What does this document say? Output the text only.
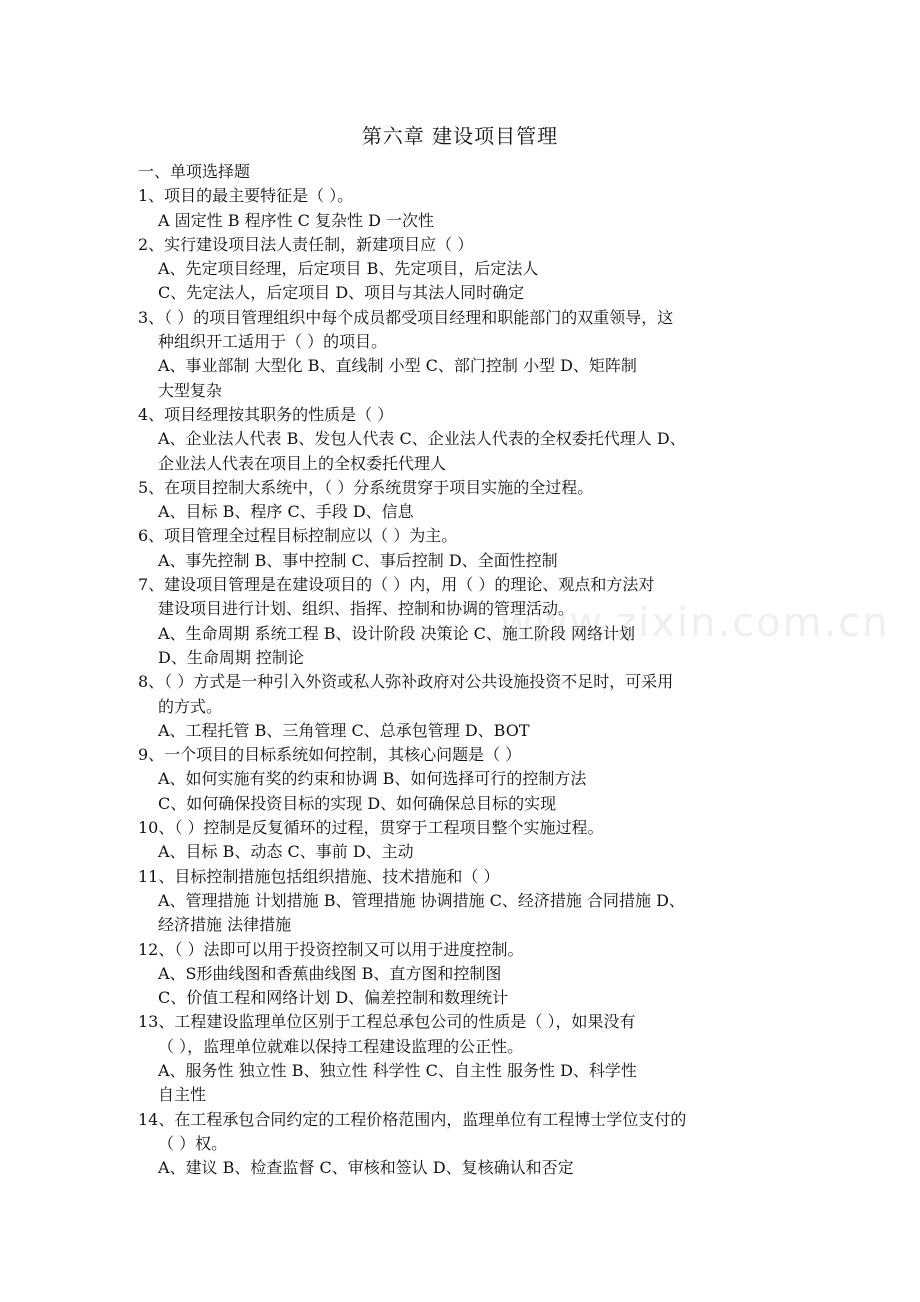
www.zixin.com.cn
第六章 建设项目管理
一、单项选择题
1、项目的最主要特征是（ ）。
A 固定性 B 程序性 C 复杂性 D 一次性
2、实行建设项目法人责任制，新建项目应（ ）
A、先定项目经理，后定项目 B、先定项目，后定法人
C、先定法人，后定项目 D、项目与其法人同时确定
3、（ ）的项目管理组织中每个成员都受项目经理和职能部门的双重领导，这
种组织开工适用于（ ）的项目。
A、事业部制 大型化 B、直线制 小型 C、部门控制 小型 D、矩阵制
大型复杂
4、项目经理按其职务的性质是（ ）
A、企业法人代表 B、发包人代表 C、企业法人代表的全权委托代理人 D、
企业法人代表在项目上的全权委托代理人
5、在项目控制大系统中，（ ）分系统贯穿于项目实施的全过程。
A、目标 B、程序 C、手段 D、信息
6、项目管理全过程目标控制应以（ ）为主。
A、事先控制 B、事中控制 C、事后控制 D、全面性控制
7、建设项目管理是在建设项目的（ ）内，用（ ）的理论、观点和方法对
建设项目进行计划、组织、指挥、控制和协调的管理活动。
A、生命周期 系统工程 B、设计阶段 决策论 C、施工阶段 网络计划
D、生命周期 控制论
8、（ ）方式是一种引入外资或私人弥补政府对公共设施投资不足时，可采用
的方式。
A、工程托管 B、三角管理 C、总承包管理 D、BOT
9、一个项目的目标系统如何控制，其核心问题是（ ）
A、如何实施有奖的约束和协调 B、如何选择可行的控制方法
C、如何确保投资目标的实现 D、如何确保总目标的实现
10、（ ）控制是反复循环的过程，贯穿于工程项目整个实施过程。
A、目标 B、动态 C、事前 D、主动
11、目标控制措施包括组织措施、技术措施和（ ）
A、管理措施 计划措施 B、管理措施 协调措施 C、经济措施 合同措施 D、
经济措施 法律措施
12、（ ）法即可以用于投资控制又可以用于进度控制。
A、S形曲线图和香蕉曲线图 B、直方图和控制图
C、价值工程和网络计划 D、偏差控制和数理统计
13、工程建设监理单位区别于工程总承包公司的性质是（ ），如果没有
（ ），监理单位就难以保持工程建设监理的公正性。
A、服务性 独立性 B、独立性 科学性 C、自主性 服务性 D、科学性
自主性
14、在工程承包合同约定的工程价格范围内，监理单位有工程博士学位支付的
（ ）权。
A、建议 B、检查监督 C、审核和签认 D、复核确认和否定
